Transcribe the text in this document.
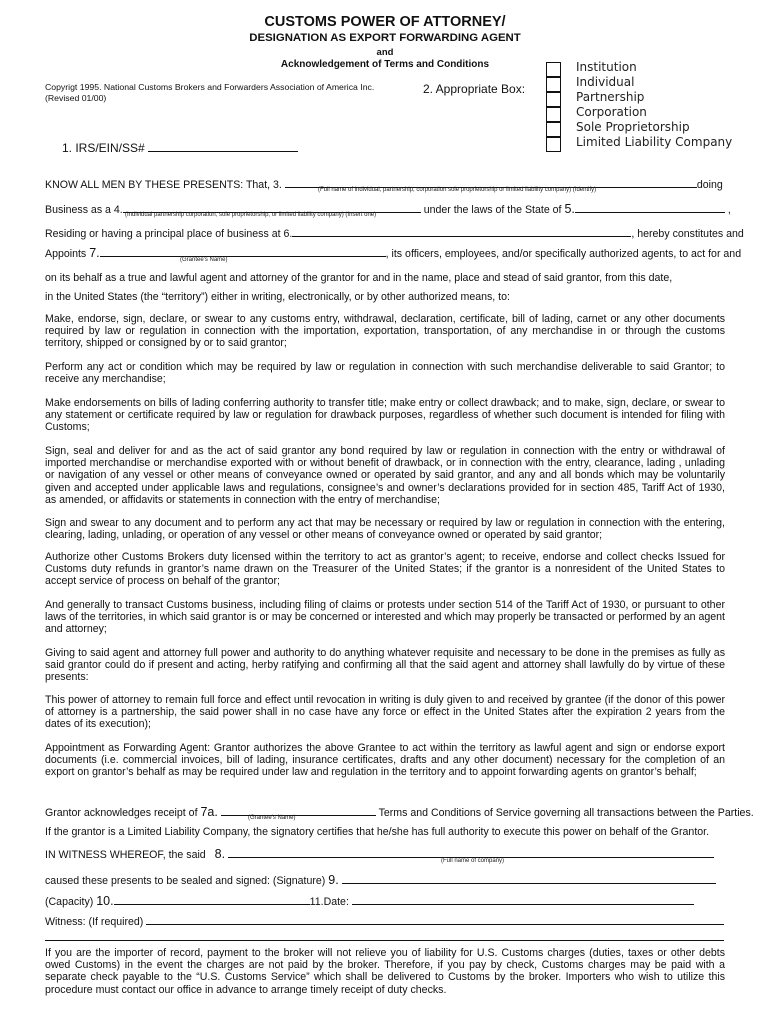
CUSTOMS POWER OF ATTORNEY/
DESIGNATION AS EXPORT FORWARDING AGENT
and
Acknowledgement of Terms and Conditions
Copyrigt 1995. National Customs Brokers and Forwarders Association of America Inc.
(Revised 01/00)
2. Appropriate Box:
Institution
Individual
Partnership
Corporation
Sole Proprietorship
Limited Liability Company
1. IRS/EIN/SS#
KNOW ALL MEN BY THESE PRESENTS: That, 3.	doing
(Full name of individual, partnership, corporation sole proprietorship or limited liability company) (Identify)
Business as a 4.	under the laws of the State of 5.	,
(Individual partnership corporation, sole proprietorship, or limited liability company) (Insert one)
Residing or having a principal place of business at 6.	, hereby constitutes and
Appoints 7.	, its officers, employees, and/or specifically authorized agents, to act for and
(Grantee's Name)
on its behalf as a true and lawful agent and attorney of the grantor for and in the name, place and stead of said grantor, from this date,
in the United States (the “territory”) either in writing, electronically, or by other authorized means, to:
Make, endorse, sign, declare, or swear to any customs entry, withdrawal, declaration, certificate, bill of lading, carnet or any other documents required by law or regulation in connection with the importation, exportation, transportation, of any merchandise in or through the customs territory, shipped or consigned by or to said grantor;
Perform any act or condition which may be required by law or regulation in connection with such merchandise deliverable to said Grantor; to receive any merchandise;
Make endorsements on bills of lading conferring authority to transfer title; make entry or collect drawback; and to make, sign, declare, or swear to any statement or certificate required by law or regulation for drawback purposes, regardless of whether such document is intended for filing with Customs;
Sign, seal and deliver for and as the act of said grantor any bond required by law or regulation in connection with the entry or withdrawal of imported merchandise or merchandise exported with or without benefit of drawback, or in connection with the entry, clearance, lading , unlading or navigation of any vessel or other means of conveyance owned or operated by said grantor, and any and all bonds which may be voluntarily given and accepted under applicable laws and regulations, consignee’s and owner’s declarations provided for in section 485, Tariff Act of 1930, as amended, or affidavits or statements in connection with the entry of merchandise;
Sign and swear to any document and to perform any act that may be necessary or required by law or regulation in connection with the entering, clearing, lading, unlading, or operation of any vessel or other means of conveyance owned or operated by said grantor;
Authorize other Customs Brokers duty licensed within the territory to act as grantor’s agent; to receive, endorse and collect checks Issued for Customs duty refunds in grantor’s name drawn on the Treasurer of the United States; if the grantor is a nonresident of the United States to accept service of process on behalf of the grantor;
And generally to transact Customs business, including filing of claims or protests under section 514 of the Tariff Act of 1930, or pursuant to other laws of the territories, in which said grantor is or may be concerned or interested and which may properly be transacted or performed by an agent and attorney;
Giving to said agent and attorney full power and authority to do anything whatever requisite and necessary to be done in the premises as fully as said grantor could do if present and acting, herby ratifying and confirming all that the said agent and attorney shall lawfully do by virtue of these presents:
This power of attorney to remain full force and effect until revocation in writing is duly given to and received by grantee (if the donor of this power of attorney is a partnership, the said power shall in no case have any force or effect in the United States after the expiration 2 years from the dates of its execution);
Appointment as Forwarding Agent: Grantor authorizes the above Grantee to act within the territory as lawful agent and sign or endorse export documents (i.e. commercial invoices, bill of lading, insurance certificates, drafts and any other document) necessary for the completion of an export on grantor’s behalf as may be required under law and regulation in the territory and to appoint forwarding agents on grantor’s behalf;
Grantor acknowledges receipt of 7a.	Terms and Conditions of Service governing all transactions between the Parties.
(Grantee's Name)
If the grantor is a Limited Liability Company, the signatory certifies that he/she has full authority to execute this power on behalf of the Grantor.
IN WITNESS WHEREOF, the said 8.	(Full name of company)
caused these presents to be sealed and signed: (Signature) 9.
(Capacity) 10.	11.Date:
Witness: (If required)
If you are the importer of record, payment to the broker will not relieve you of liability for U.S. Customs charges (duties, taxes or other debts owed Customs) in the event the charges are not paid by the broker. Therefore, if you pay by check, Customs charges may be paid with a separate check payable to the “U.S. Customs Service” which shall be delivered to Customs by the broker. Importers who wish to utilize this procedure must contact our office in advance to arrange timely receipt of duty checks.
